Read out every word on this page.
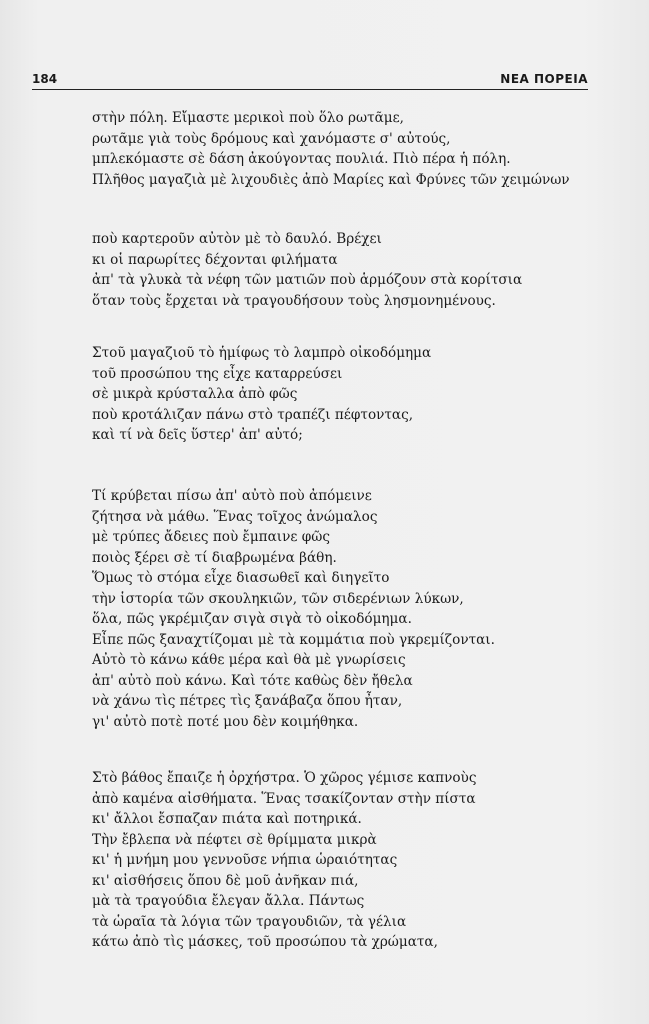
184	ΝΕΑ ΠΟΡΕΙΑ
στὴν πόλη. Εἴμαστε μερικοὶ ποὺ ὅλο ρωτᾶμε,
ρωτᾶμε γιὰ τοὺς δρόμους καὶ χανόμαστε σ' αὐτούς,
μπλεκόμαστε σὲ δάση ἀκούγοντας πουλιά. Πιὸ πέρα ἡ πόλη.
Πλῆθος μαγαζιὰ μὲ λιχουδιὲς ἀπὸ Μαρίες καὶ Φρύνες τῶν χειμώνων
ποὺ καρτεροῦν αὐτὸν μὲ τὸ δαυλό. Βρέχει
κι οἱ παρωρίτες δέχονται φιλήματα
ἀπ' τὰ γλυκὰ τὰ νέφη τῶν ματιῶν ποὺ ἁρμόζουν στὰ κορίτσια
ὅταν τοὺς ἔρχεται νὰ τραγουδήσουν τοὺς λησμονημένους.
Στοῦ μαγαζιοῦ τὸ ἡμίφως τὸ λαμπρὸ οἰκοδόμημα
τοῦ προσώπου της εἶχε καταρρεύσει
σὲ μικρὰ κρύσταλλα ἀπὸ φῶς
ποὺ κροτάλιζαν πάνω στὸ τραπέζι πέφτοντας,
καὶ τί νὰ δεῖς ὕστερ' ἀπ' αὐτό;
Τί κρύβεται πίσω ἀπ' αὐτὸ ποὺ ἀπόμεινε
ζήτησα νὰ μάθω. Ἕνας τοῖχος ἀνώμαλος
μὲ τρύπες ἄδειες ποὺ ἔμπαινε φῶς
ποιὸς ξέρει σὲ τί διαβρωμένα βάθη.
Ὅμως τὸ στόμα εἶχε διασωθεῖ καὶ διηγεῖτο
τὴν ἱστορία τῶν σκουληκιῶν, τῶν σιδερένιων λύκων,
ὅλα, πῶς γκρέμιζαν σιγὰ σιγὰ τὸ οἰκοδόμημα.
Εἶπε πῶς ξαναχτίζομαι μὲ τὰ κομμάτια ποὺ γκρεμίζονται.
Αὐτὸ τὸ κάνω κάθε μέρα καὶ θὰ μὲ γνωρίσεις
ἀπ' αὐτὸ ποὺ κάνω. Καὶ τότε καθὼς δὲν ἤθελα
νὰ χάνω τὶς πέτρες τὶς ξανάβαζα ὅπου ἦταν,
γι' αὐτὸ ποτὲ ποτέ μου δὲν κοιμήθηκα.
Στὸ βάθος ἔπαιζε ἡ ὀρχήστρα. Ὁ χῶρος γέμισε καπνοὺς
ἀπὸ καμένα αἰσθήματα. Ἕνας τσακίζονταν στὴν πίστα
κι' ἄλλοι ἔσπαζαν πιάτα καὶ ποτηρικά.
Τὴν ἔβλεπα νὰ πέφτει σὲ θρίμματα μικρὰ
κι' ἡ μνήμη μου γεννοῦσε νήπια ὡραιότητας
κι' αἰσθήσεις ὅπου δὲ μοῦ ἀνῆκαν πιά,
μὰ τὰ τραγούδια ἔλεγαν ἄλλα. Πάντως
τὰ ὡραῖα τὰ λόγια τῶν τραγουδιῶν, τὰ γέλια
κάτω ἀπὸ τὶς μάσκες, τοῦ προσώπου τὰ χρώματα,
